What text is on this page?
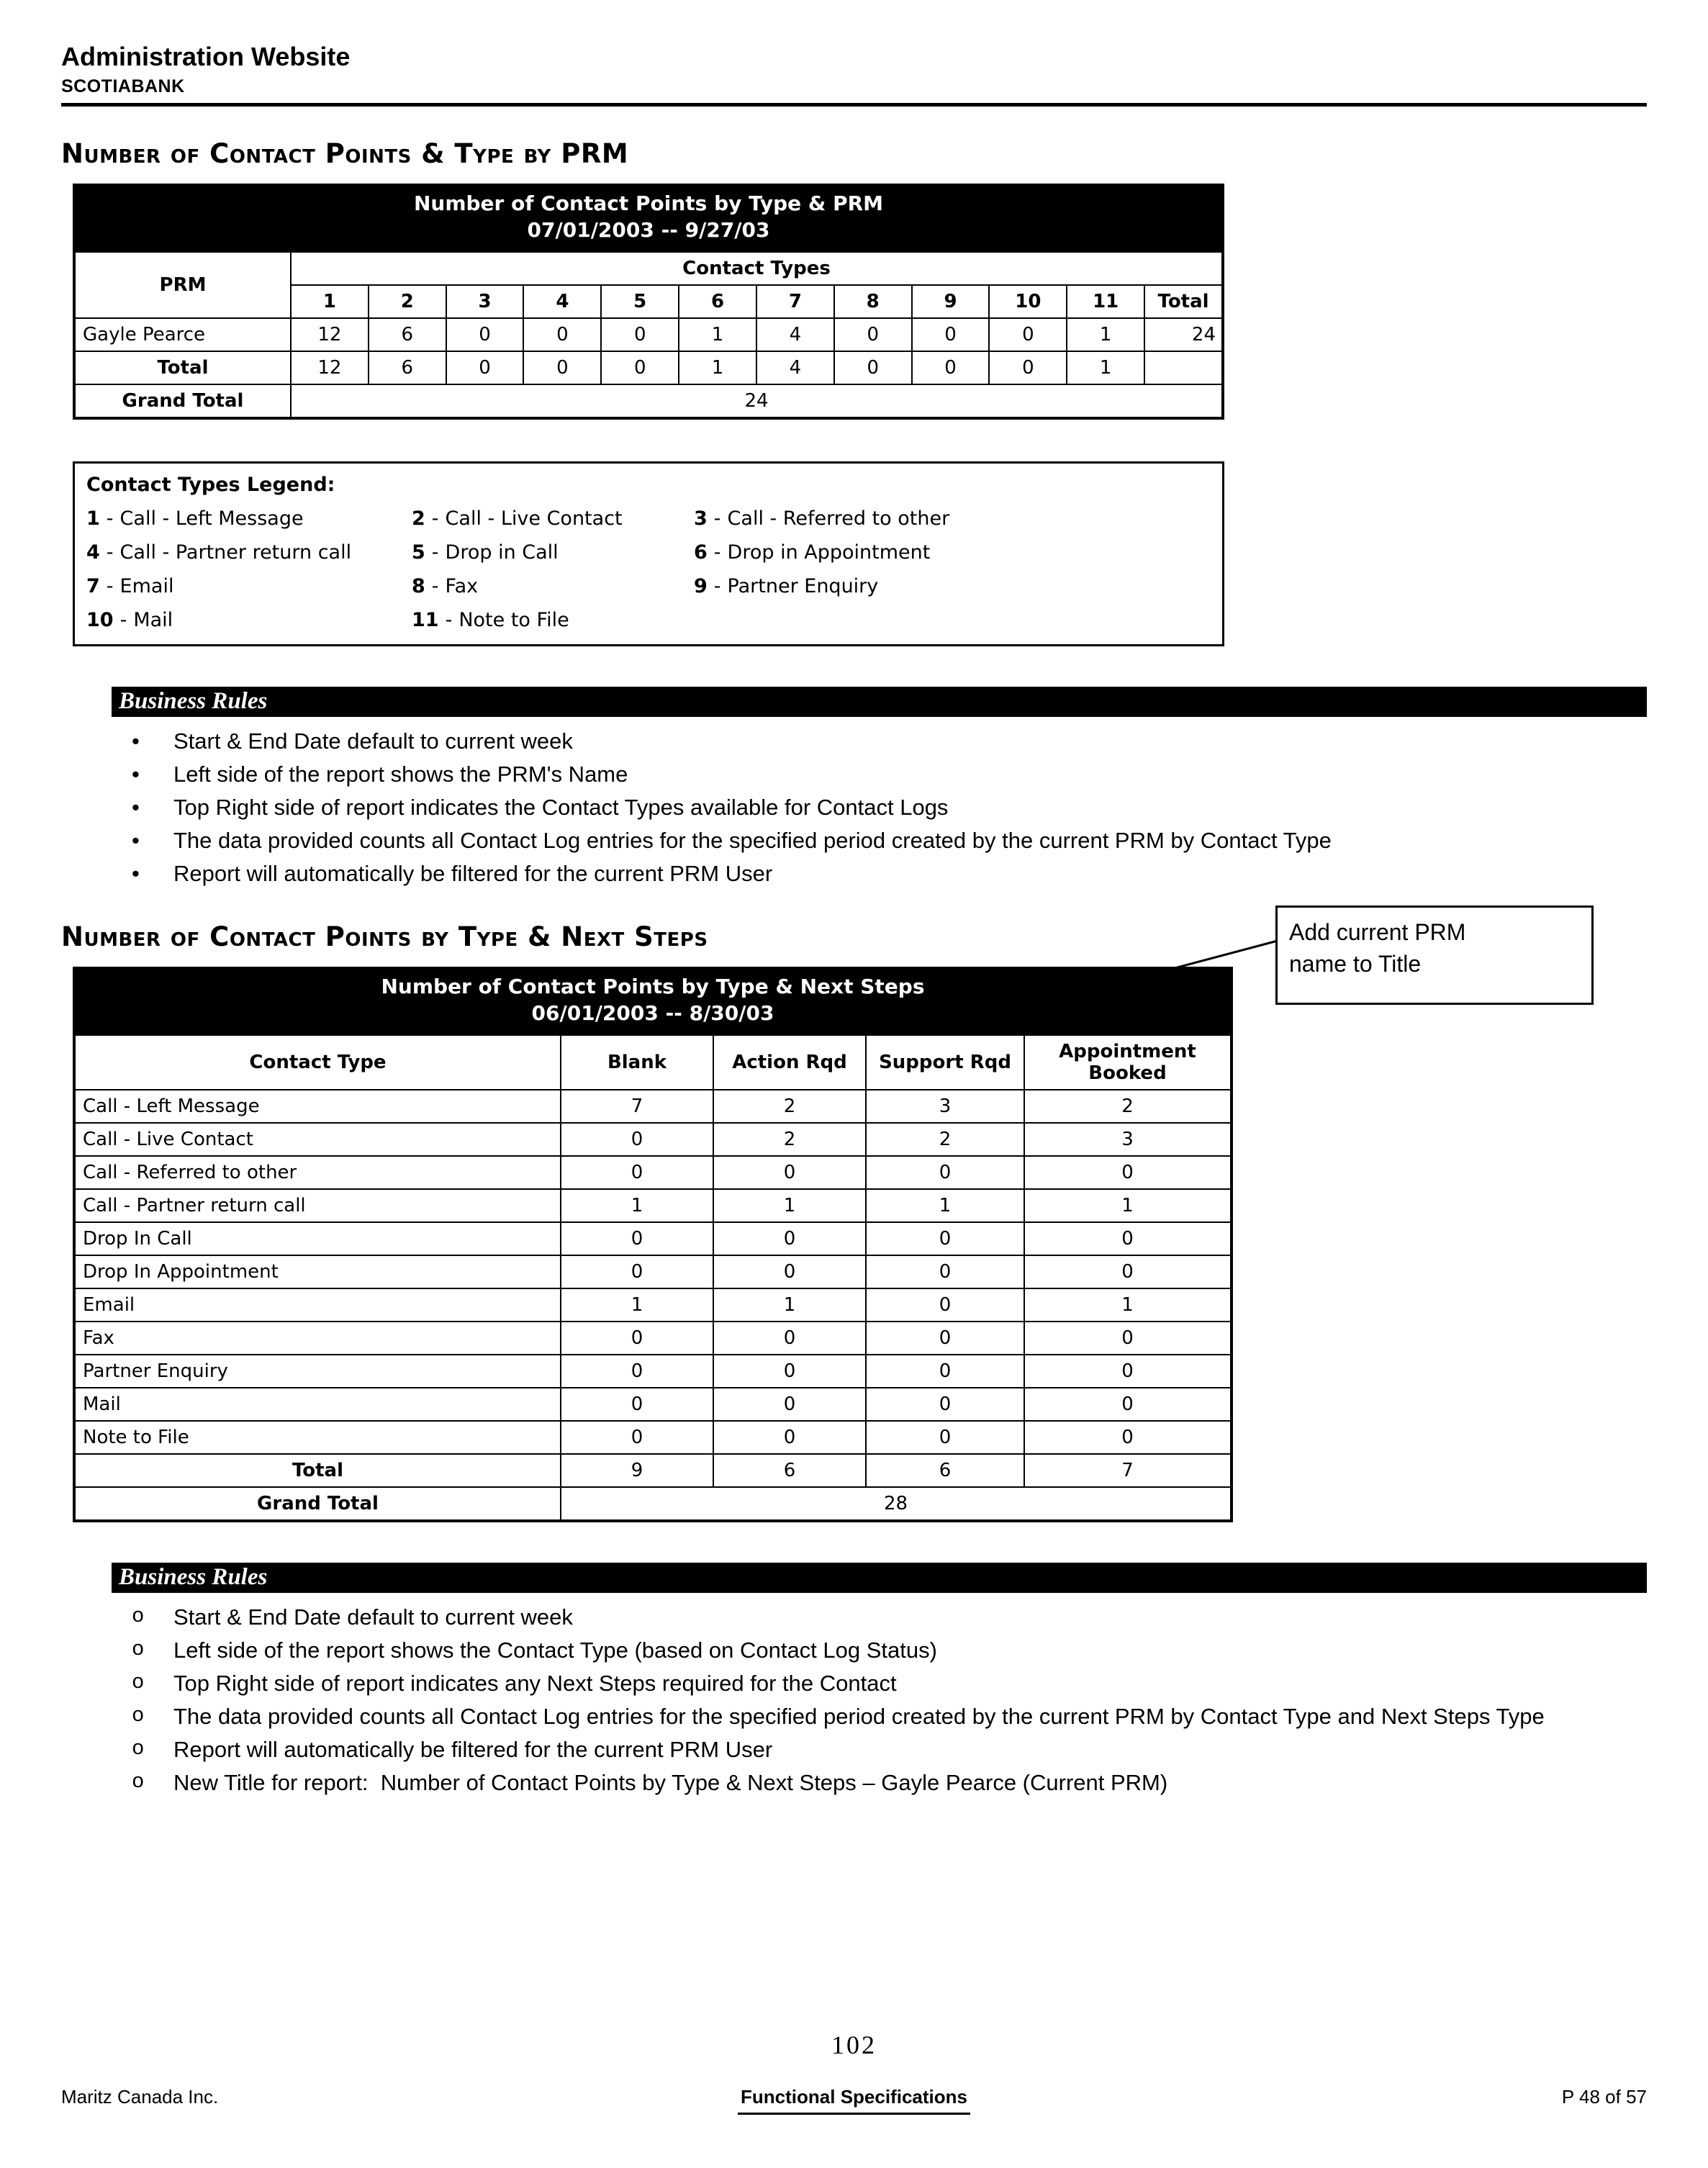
Administration Website
SCOTIABANK
Number of Contact Points & Type by PRM
Number of Contact Points by Type & PRM
07/01/2003 -- 9/27/03
PRM	Contact Types											
	1	2	3	4	5	6	7	8	9	10	11	Total
Gayle Pearce	12	6	0	0	0	1	4	0	0	0	1	24
Total	12	6	0	0	0	1	4	0	0	0	1	
Grand Total	24											
Contact Types Legend:
1 - Call - Left Message	2 - Call - Live Contact	3 - Call - Referred to other
4 - Call - Partner return call	5 - Drop in Call	6 - Drop in Appointment
7 - Email	8 - Fax	9 - Partner Enquiry
10 - Mail	11 - Note to File
Business Rules
•	Start & End Date default to current week
•	Left side of the report shows the PRM's Name
•	Top Right side of report indicates the Contact Types available for Contact Logs
•	The data provided counts all Contact Log entries for the specified period created by the current PRM by Contact Type
•	Report will automatically be filtered for the current PRM User
Number of Contact Points by Type & Next Steps
Number of Contact Points by Type & Next Steps
06/01/2003 -- 8/30/03
Contact Type	Blank	Action Rqd	Support Rqd	Appointment Booked
Call - Left Message	7	2	3	2
Call - Live Contact	0	2	2	3
Call - Referred to other	0	0	0	0
Call - Partner return call	1	1	1	1
Drop In Call	0	0	0	0
Drop In Appointment	0	0	0	0
Email	1	1	0	1
Fax	0	0	0	0
Partner Enquiry	0	0	0	0
Mail	0	0	0	0
Note to File	0	0	0	0
Total	9	6	6	7
Grand Total	28			
Business Rules
o	Start & End Date default to current week
o	Left side of the report shows the Contact Type (based on Contact Log Status)
o	Top Right side of report indicates any Next Steps required for the Contact
o	The data provided counts all Contact Log entries for the specified period created by the current PRM by Contact Type and Next Steps Type
o	Report will automatically be filtered for the current PRM User
o	New Title for report:  Number of Contact Points by Type & Next Steps – Gayle Pearce (Current PRM)
Add current PRM
name to Title
102
Maritz Canada Inc.	Functional Specifications	P 48 of 57
